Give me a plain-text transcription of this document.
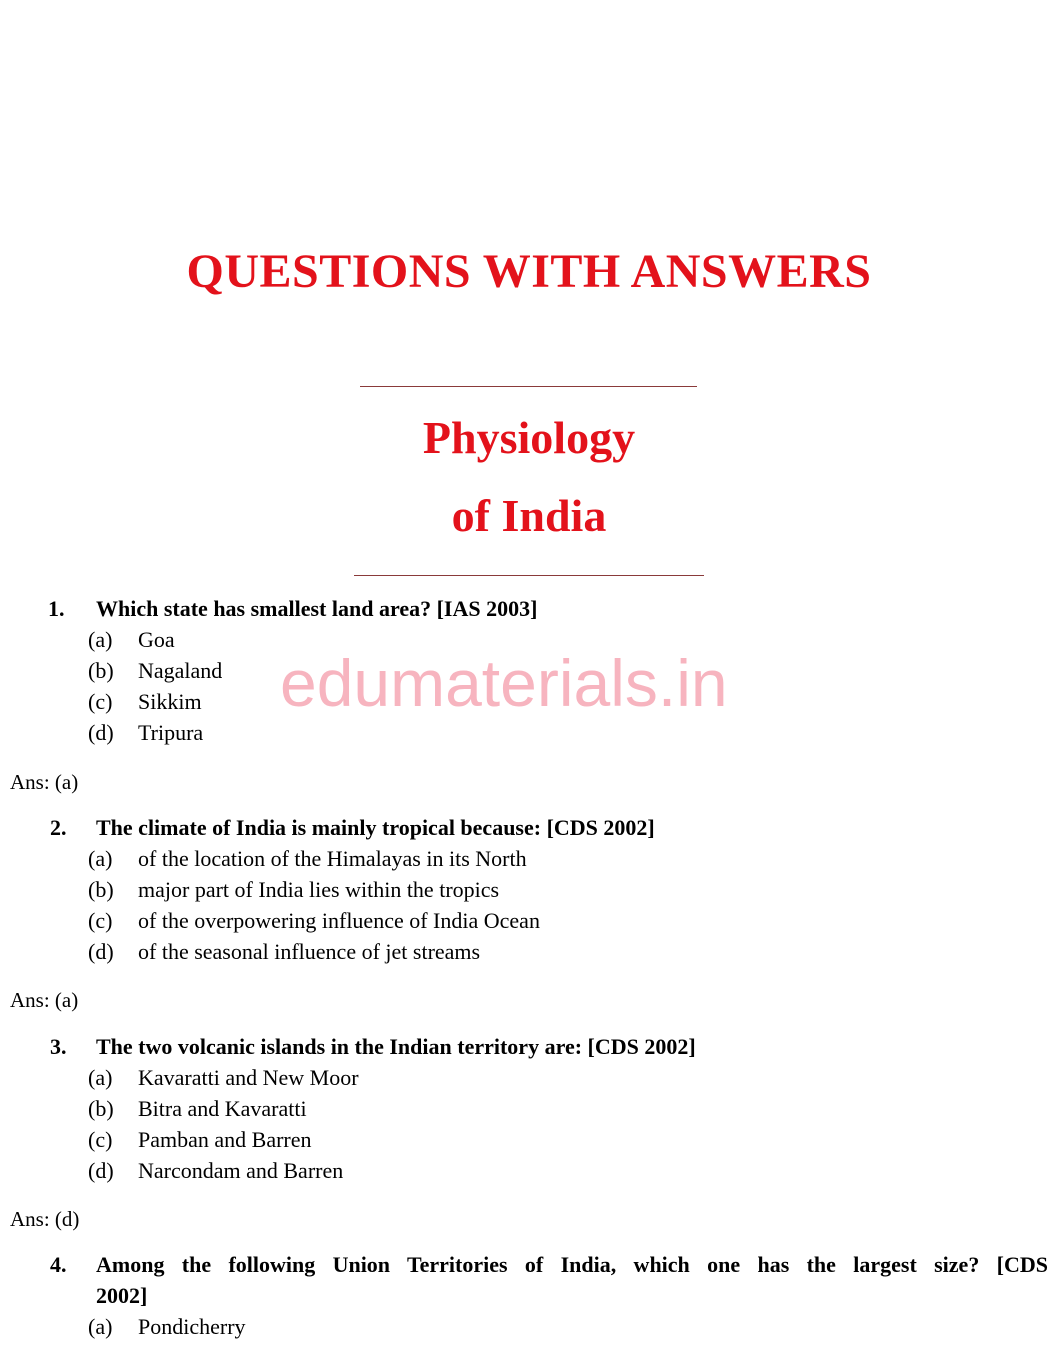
QUESTIONS WITH ANSWERS
Physiology
of India
1. Which state has smallest land area? [IAS 2003]
(a) Goa
(b) Nagaland
(c) Sikkim
(d) Tripura
Ans: (a)
2. The climate of India is mainly tropical because: [CDS 2002]
(a) of the location of the Himalayas in its North
(b) major part of India lies within the tropics
(c) of the overpowering influence of India Ocean
(d) of the seasonal influence of jet streams
Ans: (a)
3. The two volcanic islands in the Indian territory are: [CDS 2002]
(a) Kavaratti and New Moor
(b) Bitra and Kavaratti
(c) Pamban and Barren
(d) Narcondam and Barren
Ans: (d)
4. Among the following Union Territories of India, which one has the largest size? [CDS
2002]
(a) Pondicherry
edumaterials.in
